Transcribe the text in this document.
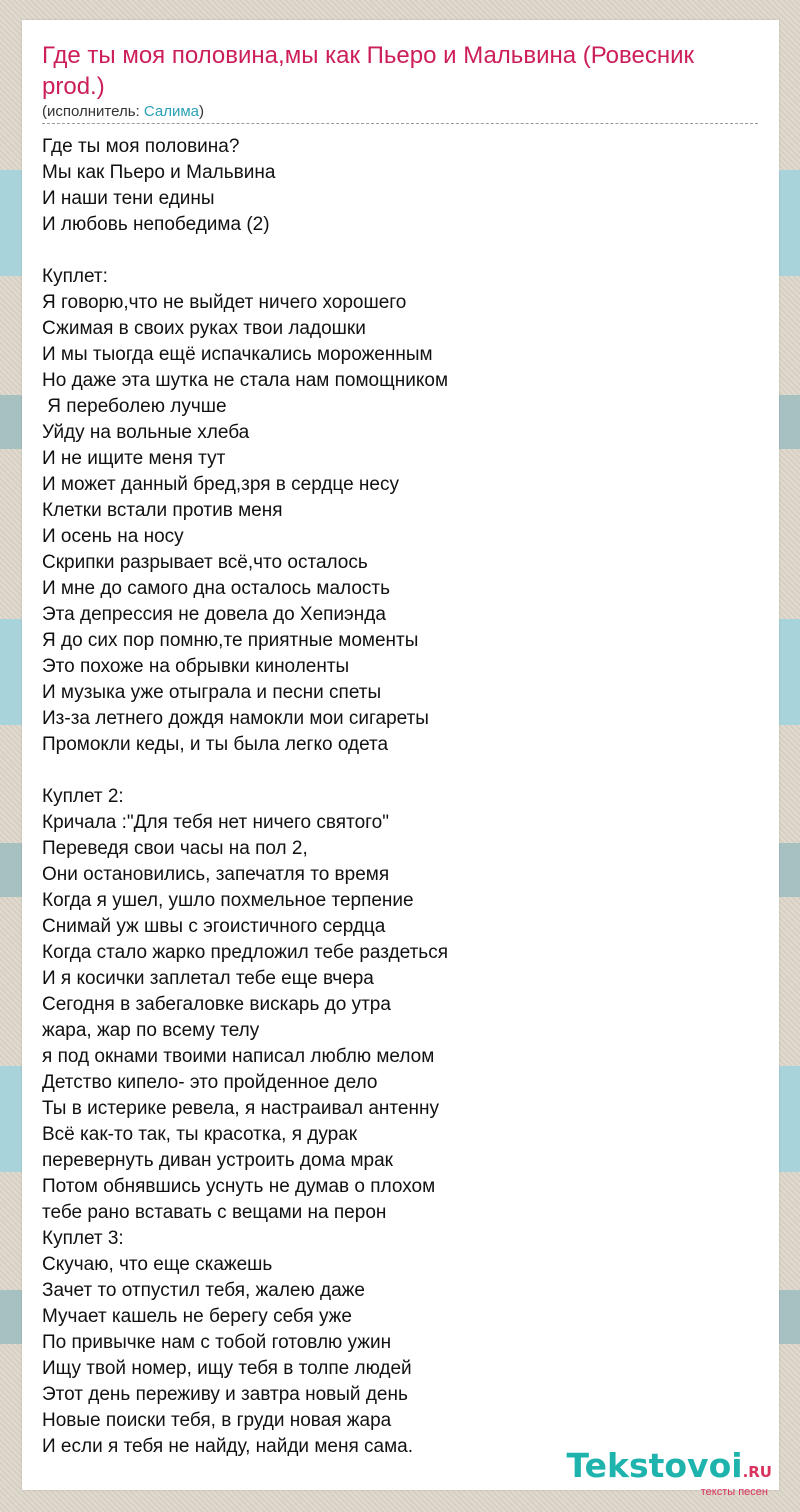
Где ты моя половина,мы как Пьеро и Мальвина (Ровесник prod.)
(исполнитель: Салима)
Где ты моя половина?
Мы как Пьеро и Мальвина
И наши тени едины
И любовь непобедима (2)
Куплет:
Я говорю,что не выйдет ничего хорошего
Сжимая в своих руках твои ладошки
И мы тыогда ещё испачкались мороженным
Но даже эта шутка не стала нам помощником
Я переболею лучше
Уйду на вольные хлеба
И не ищите меня тут
И может данный бред,зря в сердце несу
Клетки встали против меня
И осень на носу
Скрипки разрывает всё,что осталось
И мне до самого дна осталось малость
Эта депрессия не довела до Хепиэнда
Я до сих пор помню,те приятные моменты
Это похоже на обрывки киноленты
И музыка уже отыграла и песни спеты
Из-за летнего дождя намокли мои сигареты
Промокли кеды, и ты была легко одета
Куплет 2:
Кричала :"Для тебя нет ничего святого"
Переведя свои часы на пол 2,
Они остановились, запечатля то время
Когда я ушел, ушло похмельное терпение
Снимай уж швы с эгоистичного сердца
Когда стало жарко предложил тебе раздеться
И я косички заплетал тебе еще вчера
Сегодня в забегаловке вискарь до утра
жара, жар по всему телу
я под окнами твоими написал люблю мелом
Детство кипело- это пройденное дело
Ты в истерике ревела, я настраивал антенну
Всё как-то так, ты красотка, я дурак
перевернуть диван устроить дома мрак
Потом обнявшись уснуть не думав о плохом
тебе рано вставать с вещами на перон
Куплет 3:
Скучаю, что еще скажешь
Зачет то отпустил тебя, жалею даже
Мучает кашель не берегу себя уже
По привычке нам с тобой готовлю ужин
Ищу твой номер, ищу тебя в толпе людей
Этот день переживу и завтра новый день
Новые поиски тебя, в груди новая жара
И если я тебя не найду, найди меня сама.	Tekstovoi.RU
тексты песен
